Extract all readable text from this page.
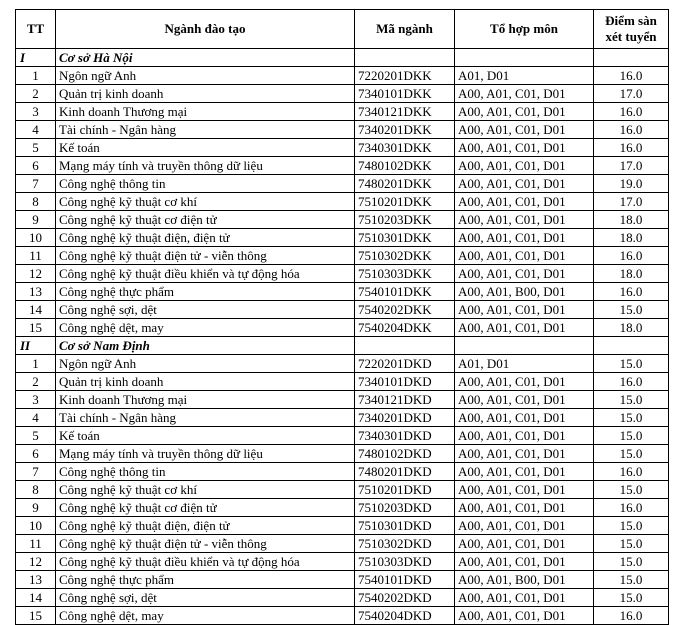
TT	Ngành đào tạo	Mã ngành	Tổ hợp môn	Điểm sàn
xét tuyển
I	Cơ sở Hà Nội			
1	Ngôn ngữ Anh	7220201DKK	A01, D01	16.0
2	Quản trị kinh doanh	7340101DKK	A00, A01, C01, D01	17.0
3	Kinh doanh Thương mại	7340121DKK	A00, A01, C01, D01	16.0
4	Tài chính - Ngân hàng	7340201DKK	A00, A01, C01, D01	16.0
5	Kế toán	7340301DKK	A00, A01, C01, D01	16.0
6	Mạng máy tính và truyền thông dữ liệu	7480102DKK	A00, A01, C01, D01	17.0
7	Công nghệ thông tin	7480201DKK	A00, A01, C01, D01	19.0
8	Công nghệ kỹ thuật cơ khí	7510201DKK	A00, A01, C01, D01	17.0
9	Công nghệ kỹ thuật cơ điện tử	7510203DKK	A00, A01, C01, D01	18.0
10	Công nghệ kỹ thuật điện, điện tử	7510301DKK	A00, A01, C01, D01	18.0
11	Công nghệ kỹ thuật điện tử - viễn thông	7510302DKK	A00, A01, C01, D01	16.0
12	Công nghệ kỹ thuật điều khiển và tự động hóa	7510303DKK	A00, A01, C01, D01	18.0
13	Công nghệ thực phẩm	7540101DKK	A00, A01, B00, D01	16.0
14	Công nghệ sợi, dệt	7540202DKK	A00, A01, C01, D01	15.0
15	Công nghệ dệt, may	7540204DKK	A00, A01, C01, D01	18.0
II	Cơ sở Nam Định			
1	Ngôn ngữ Anh	7220201DKD	A01, D01	15.0
2	Quản trị kinh doanh	7340101DKD	A00, A01, C01, D01	16.0
3	Kinh doanh Thương mại	7340121DKD	A00, A01, C01, D01	15.0
4	Tài chính - Ngân hàng	7340201DKD	A00, A01, C01, D01	15.0
5	Kế toán	7340301DKD	A00, A01, C01, D01	15.0
6	Mạng máy tính và truyền thông dữ liệu	7480102DKD	A00, A01, C01, D01	15.0
7	Công nghệ thông tin	7480201DKD	A00, A01, C01, D01	16.0
8	Công nghệ kỹ thuật cơ khí	7510201DKD	A00, A01, C01, D01	15.0
9	Công nghệ kỹ thuật cơ điện tử	7510203DKD	A00, A01, C01, D01	16.0
10	Công nghệ kỹ thuật điện, điện tử	7510301DKD	A00, A01, C01, D01	15.0
11	Công nghệ kỹ thuật điện tử - viễn thông	7510302DKD	A00, A01, C01, D01	15.0
12	Công nghệ kỹ thuật điều khiển và tự động hóa	7510303DKD	A00, A01, C01, D01	15.0
13	Công nghệ thực phẩm	7540101DKD	A00, A01, B00, D01	15.0
14	Công nghệ sợi, dệt	7540202DKD	A00, A01, C01, D01	15.0
15	Công nghệ dệt, may	7540204DKD	A00, A01, C01, D01	16.0
